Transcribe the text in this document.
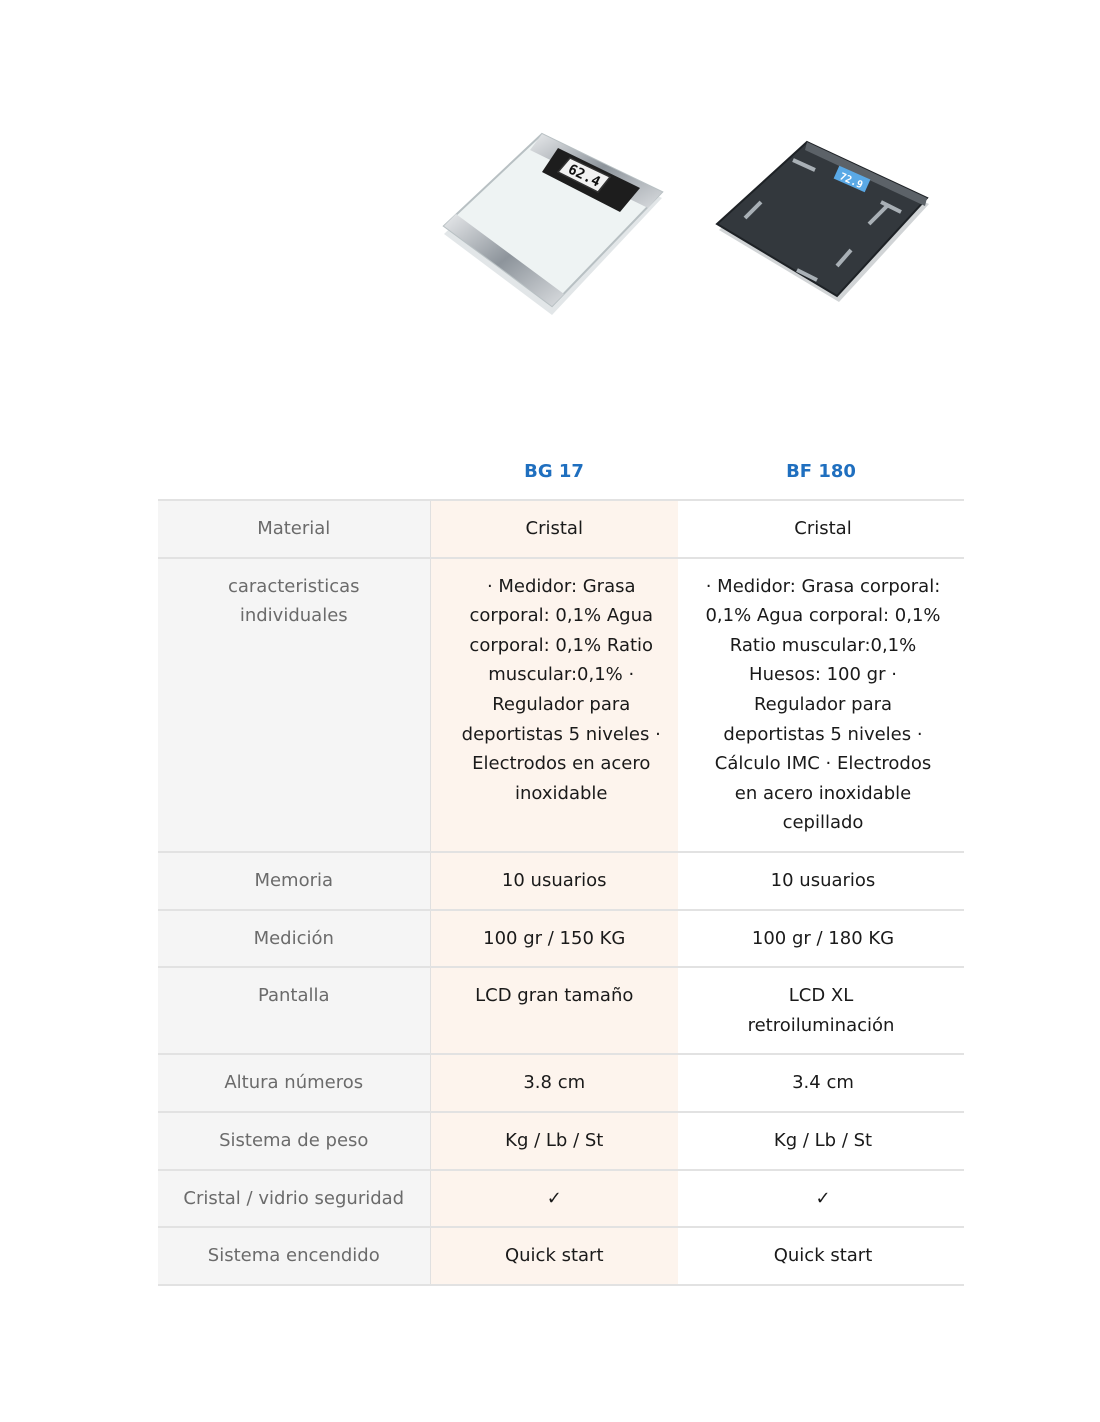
62.4	72.9
	BG 17	BF 180
Material	Cristal	Cristal
caracteristicas individuales	· Medidor: Grasa corporal: 0,1% Agua corporal: 0,1% Ratio muscular:0,1% · Regulador para deportistas 5 niveles · Electrodos en acero inoxidable	· Medidor: Grasa corporal: 0,1% Agua corporal: 0,1% Ratio muscular:0,1% Huesos: 100 gr · Regulador para deportistas 5 niveles · Cálculo IMC · Electrodos en acero inoxidable cepillado
Memoria	10 usuarios	10 usuarios
Medición	100 gr / 150 KG	100 gr / 180 KG
Pantalla	LCD gran tamaño	LCD XL retroiluminación
Altura números	3.8 cm	3.4 cm
Sistema de peso	Kg / Lb / St	Kg / Lb / St
Cristal / vidrio seguridad	✓	✓
Sistema encendido	Quick start	Quick start
